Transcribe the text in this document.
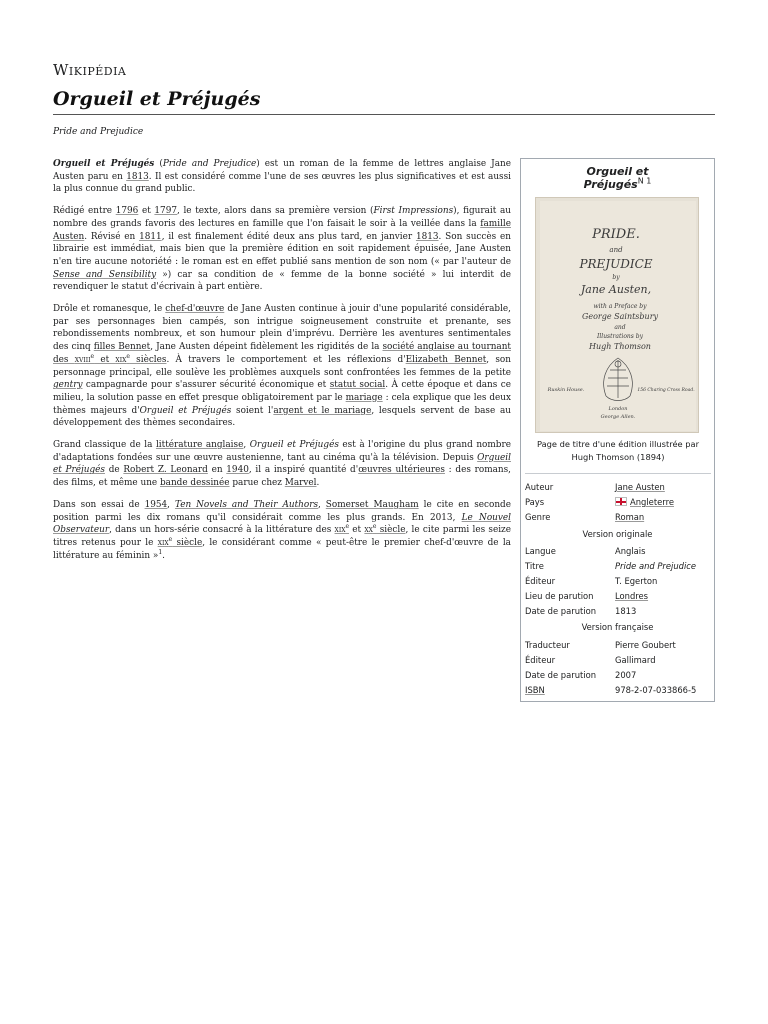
Wikipédia
Orgueil et Préjugés
Pride and Prejudice

Orgueil et Préjugés (Pride and Prejudice) est un roman de la femme de lettres anglaise Jane Austen paru en 1813. Il est considéré comme l'une de ses œuvres les plus significatives et est aussi la plus connue du grand public.

Rédigé entre 1796 et 1797, le texte, alors dans sa première version (First Impressions), figurait au nombre des grands favoris des lectures en famille que l'on faisait le soir à la veillée dans la famille Austen. Révisé en 1811, il est finalement édité deux ans plus tard, en janvier 1813. Son succès en librairie est immédiat, mais bien que la première édition en soit rapidement épuisée, Jane Austen n'en tire aucune notoriété : le roman est en effet publié sans mention de son nom (« par l'auteur de Sense and Sensibility ») car sa condition de « femme de la bonne société » lui interdit de revendiquer le statut d'écrivain à part entière.

Drôle et romanesque, le chef-d'œuvre de Jane Austen continue à jouir d'une popularité considérable, par ses personnages bien campés, son intrigue soigneusement construite et prenante, ses rebondissements nombreux, et son humour plein d'imprévu. Derrière les aventures sentimentales des cinq filles Bennet, Jane Austen dépeint fidèlement les rigidités de la société anglaise au tournant des xviii$^e$ et xix$^e$ siècles. À travers le comportement et les réflexions d'Elizabeth Bennet, son personnage principal, elle soulève les problèmes auxquels sont confrontées les femmes de la petite gentry campagnarde pour s'assurer sécurité économique et statut social. À cette époque et dans ce milieu, la solution passe en effet presque obligatoirement par le mariage : cela explique que les deux thèmes majeurs d'Orgueil et Préjugés soient l'argent et le mariage, lesquels servent de base au développement des thèmes secondaires.

Grand classique de la littérature anglaise, Orgueil et Préjugés est à l'origine du plus grand nombre d'adaptations fondées sur une œuvre austenienne, tant au cinéma qu'à la télévision. Depuis Orgueil et Préjugés de Robert Z. Leonard en 1940, il a inspiré quantité d'œuvres ultérieures : des romans, des films, et même une bande dessinée parue chez Marvel.

Dans son essai de 1954, Ten Novels and Their Authors, Somerset Maugham le cite en seconde position parmi les dix romans qu'il considérait comme les plus grands. En 2013, Le Nouvel Observateur, dans un hors-série consacré à la littérature des xix$^e$ et $xx^e$ siècle, le cite parmi les seize titres retenus pour le xix$^e$ siècle, le considérant comme « peut-être le premier chef-d'œuvre de la littérature au féminin »$^1$.

Orgueil et
Préjugés$^{N 1}$
PRIDE.
and
PREJUDICE
by
Jane Austen,
with a Preface by
George Saintsbury
and
Illustrations by
Hugh Thomson
Ruskin House.	156 Charing Cross Road.
London
George Allen.
Page de titre d'une édition illustrée par Hugh Thomson (1894)
Auteur	Jane Austen
Pays	Angleterre
Genre	Roman
Version originale
Langue	Anglais
Titre	Pride and Prejudice
Éditeur	T. Egerton
Lieu de parution	Londres
Date de parution 1813
Version française
Traducteur	Pierre Goubert
Éditeur	Gallimard
Date de parution 2007
ISBN	978-2-07-033866-5
